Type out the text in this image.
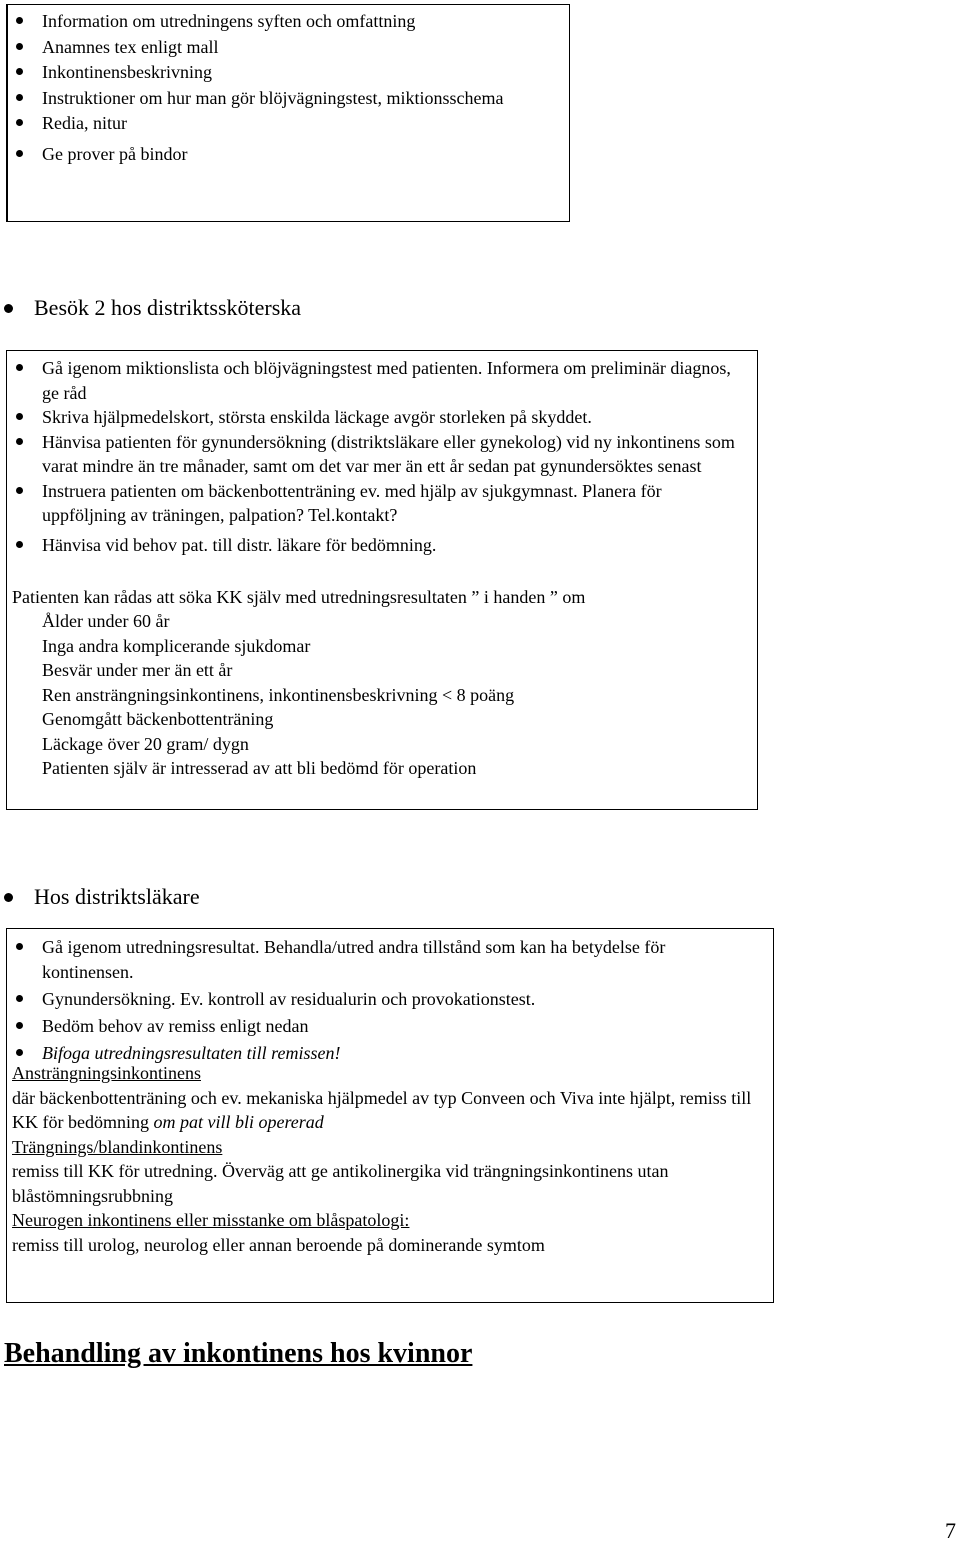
Information om utredningens syften och omfattning
Anamnes tex enligt mall
Inkontinensbeskrivning
Instruktioner om hur man gör blöjvägningstest, miktionsschema
Redia, nitur
Ge prover på bindor
Besök 2 hos distriktssköterska
Gå igenom miktionslista och blöjvägningstest med patienten. Informera om preliminär diagnos, ge råd
Skriva hjälpmedelskort, största enskilda läckage avgör storleken på skyddet.
Hänvisa patienten för gynundersökning (distriktsläkare eller gynekolog) vid ny inkontinens som varat mindre än tre månader, samt om det var mer än ett år sedan pat gynundersöktes senast
Instruera patienten om bäckenbottenträning ev. med hjälp av sjukgymnast. Planera för uppföljning av träningen, palpation? Tel.kontakt?
Hänvisa vid behov pat. till distr. läkare för bedömning.

Patienten kan rådas att söka KK själv med utredningsresultaten ” i handen ” om

Ålder under 60 år
Inga andra komplicerande sjukdomar
Besvär under mer än ett år
Ren ansträngningsinkontinens, inkontinensbeskrivning < 8 poäng
Genomgått bäckenbottenträning
Läckage över 20 gram/ dygn
Patienten själv är intresserad av att bli bedömd för operation
Hos distriktsläkare
Gå igenom utredningsresultat. Behandla/utred andra tillstånd som kan ha betydelse för kontinensen.
Gynundersökning. Ev. kontroll av residualurin och provokationstest.
Bedöm behov av remiss enligt nedan
Bifoga utredningsresultaten till remissen!
Ansträngningsinkontinens
där bäckenbottenträning och ev. mekaniska hjälpmedel av typ Conveen och Viva inte hjälpt, remiss till KK för bedömning om pat vill bli opererad
Trängnings/blandinkontinens
remiss till KK för utredning. Överväg att ge antikolinergika vid trängningsinkontinens utan blåstömningsrubbning
Neurogen inkontinens eller misstanke om blåspatologi:
remiss till urolog, neurolog eller annan beroende på dominerande symtom
Behandling av inkontinens hos kvinnor
7
